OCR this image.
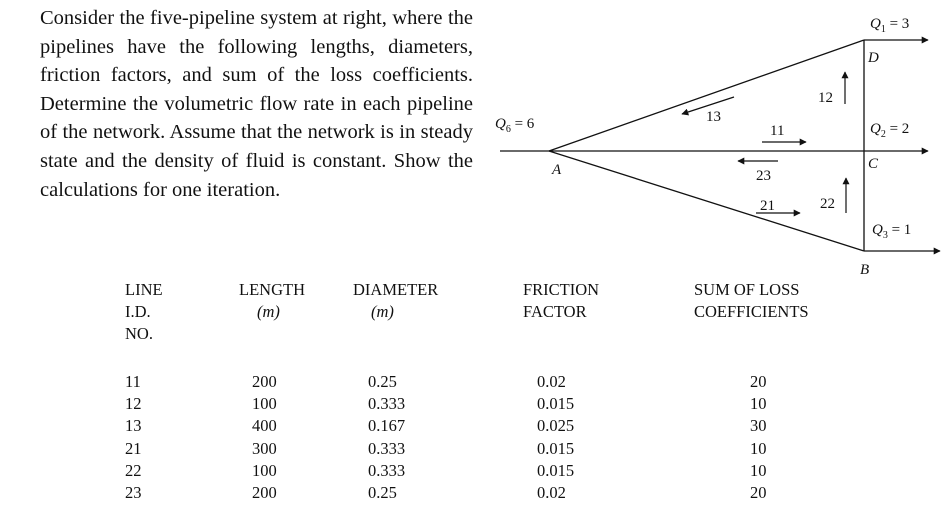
Consider the five-pipeline system at right, where the pipelines have the following lengths, diameters, friction factors, and sum of the loss coefficients. Determine the volumetric flow rate in each pipeline of the network. Assume that the network is in steady state and the density of fluid is constant. Show the calculations for one iteration.

A
B
C
D
$Q_6 = 6$
$Q_1 = 3$
$Q_2 = 2$
$Q_3 = 1$
13
11
23
21
12
22
LINE
I.D.
NO.
LENGTH
(m)
DIAMETER
(m)
FRICTION
FACTOR
SUM OF LOSS
COEFFICIENTS
11
12
13
21
22
23
200
100
400
300
100
200
0.25
0.333
0.167
0.333
0.333
0.25
0.02
0.015
0.025
0.015
0.015
0.02
20
10
30
10
10
20
